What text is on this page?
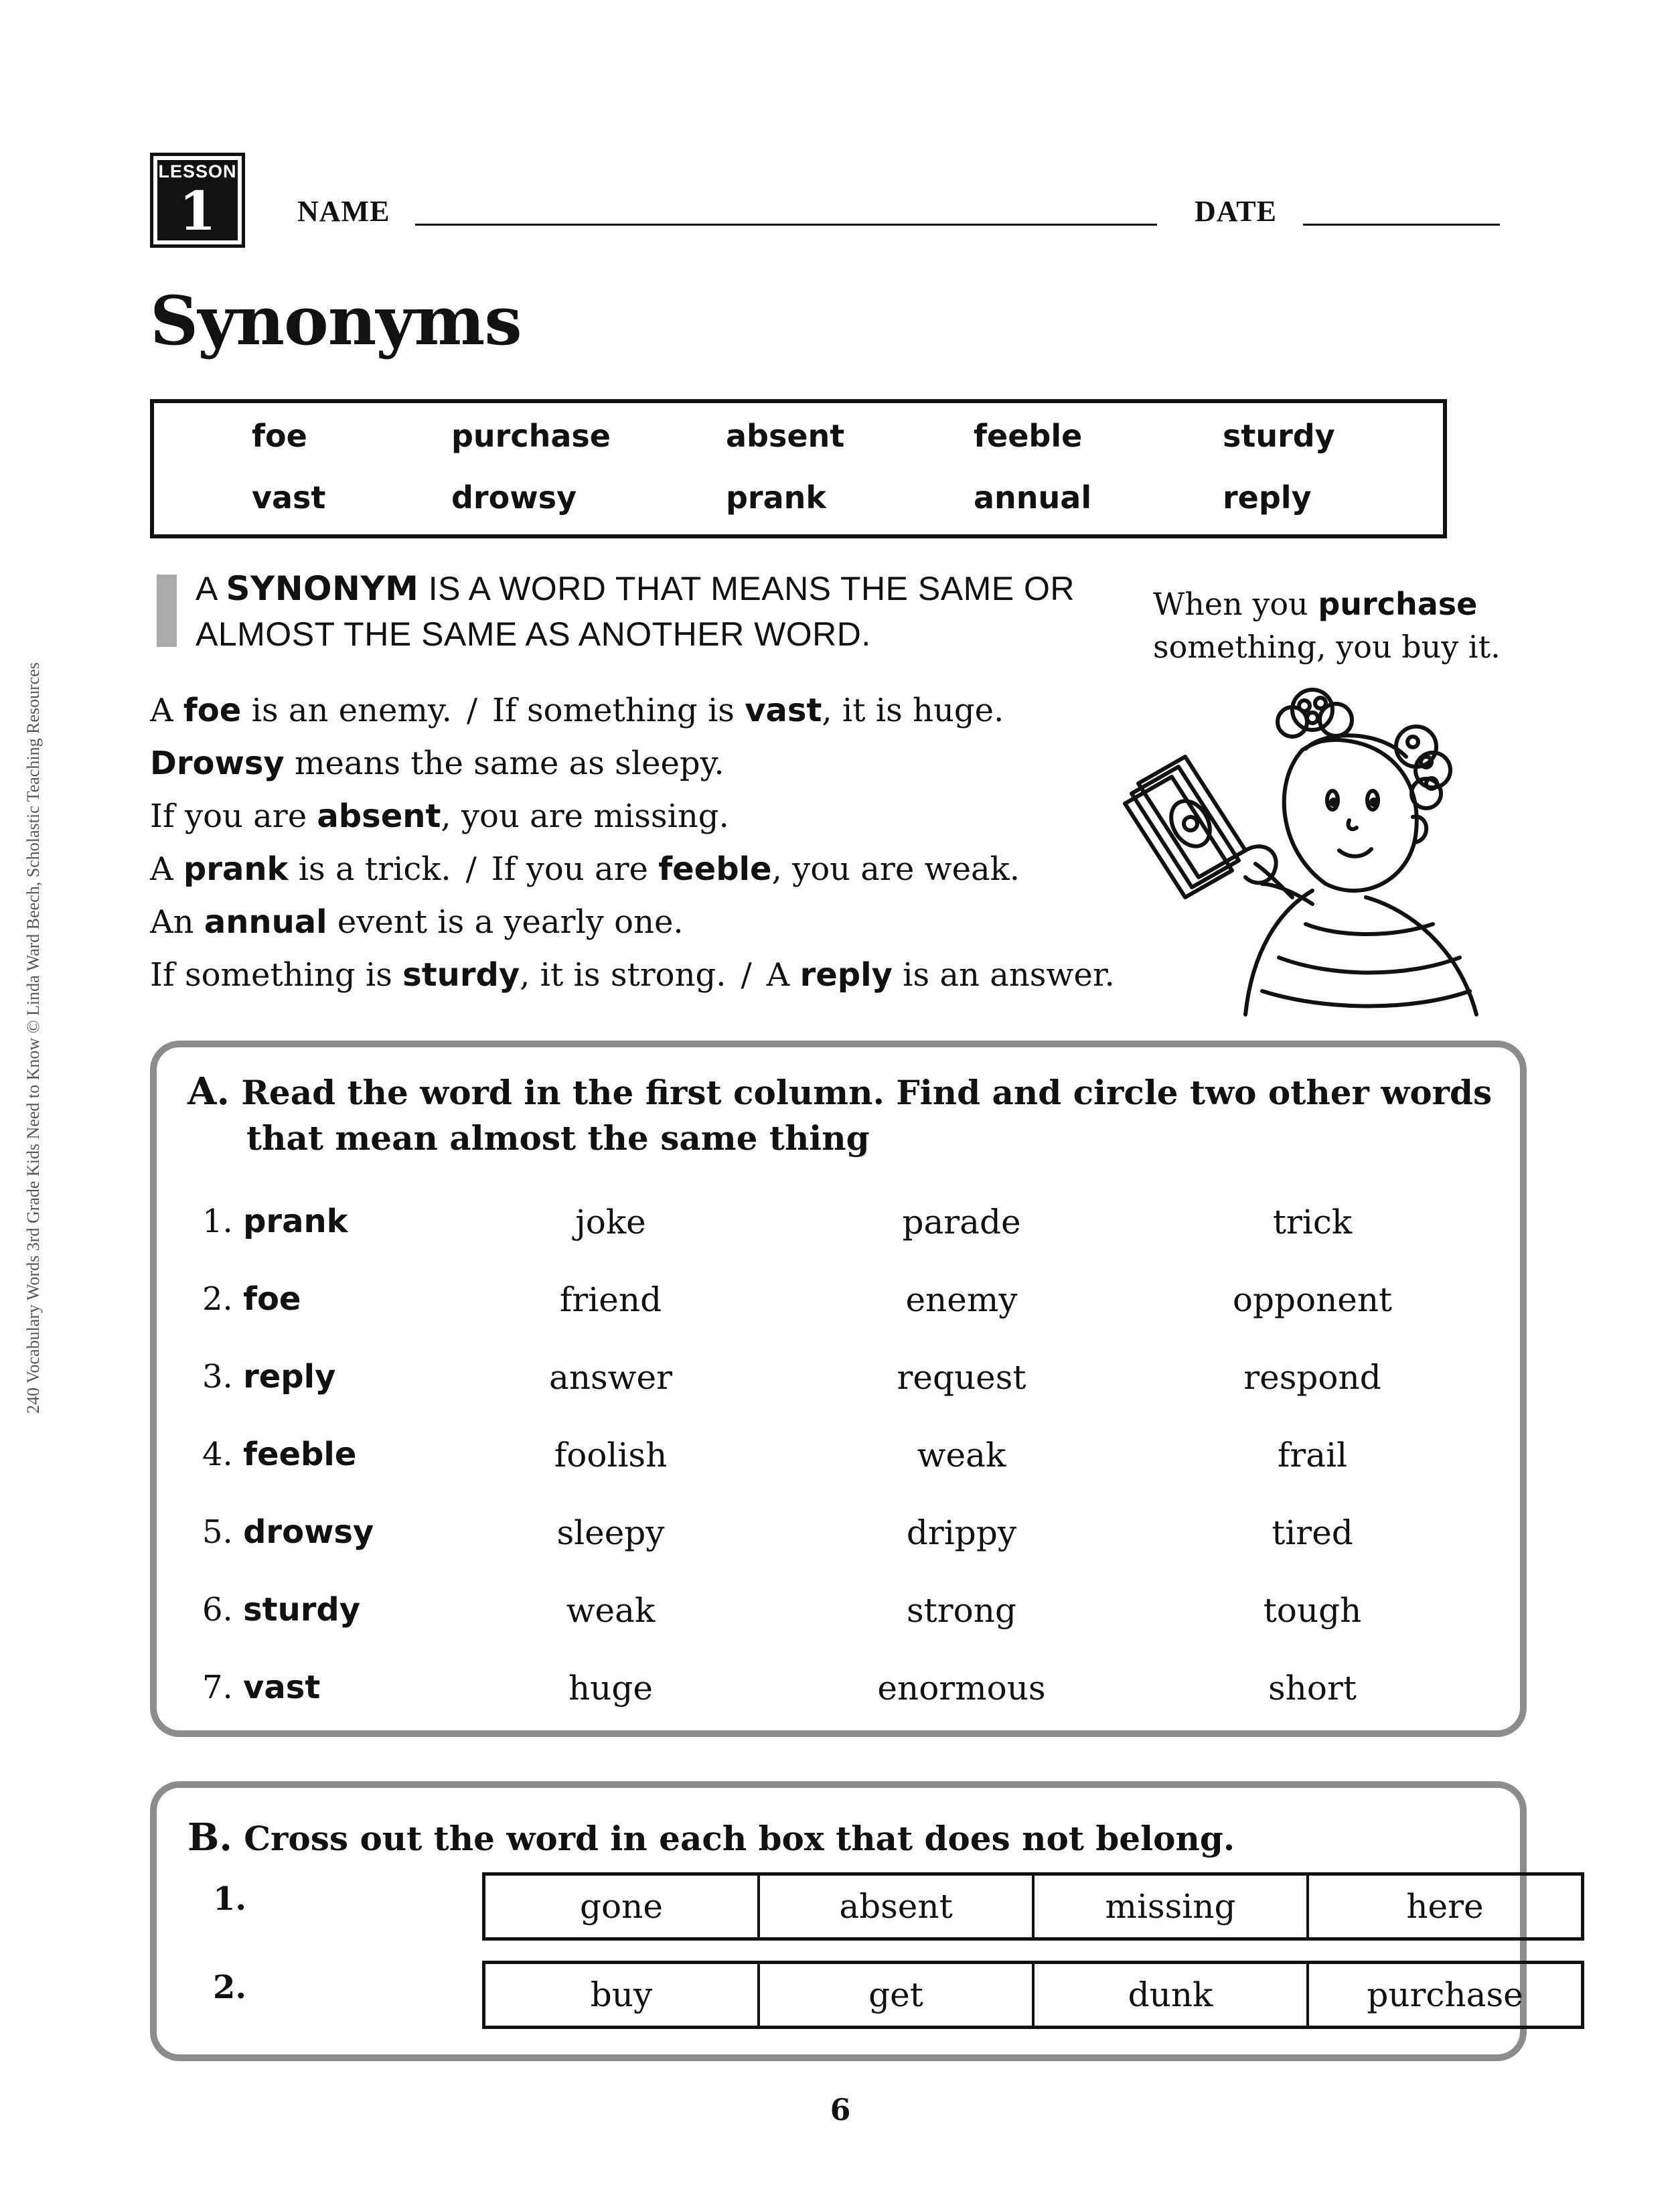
240 Vocabulary Words 3rd Grade Kids Need to Know © Linda Ward Beech, Scholastic Teaching Resources
LESSON
1	NAME	DATE
Synonyms
foe	purchase	absent	feeble	sturdy
vast	drowsy	prank	annual	reply
A SYNONYM IS A WORD THAT MEANS THE SAME OR ALMOST THE SAME AS ANOTHER WORD.
When you purchase something, you buy it.

A foe is an enemy. / If something is vast, it is huge.

Drowsy means the same as sleepy.

If you are absent, you are missing.

A prank is a trick. / If you are feeble, you are weak.

An annual event is a yearly one.

If something is sturdy, it is strong. / A reply is an answer.

A. Read the word in the first column. Find and circle two other words
that mean almost the same thing
1. prank	joke	parade	trick
2. foe	friend	enemy	opponent
3. reply	answer	request	respond
4. feeble	foolish	weak	frail
5. drowsy	sleepy	drippy	tired
6. sturdy	weak	strong	tough
7. vast	huge	enormous	short
B. Cross out the word in each box that does not belong.
1.	gone	absent	missing	here
2.	buy	get	dunk	purchase
6
